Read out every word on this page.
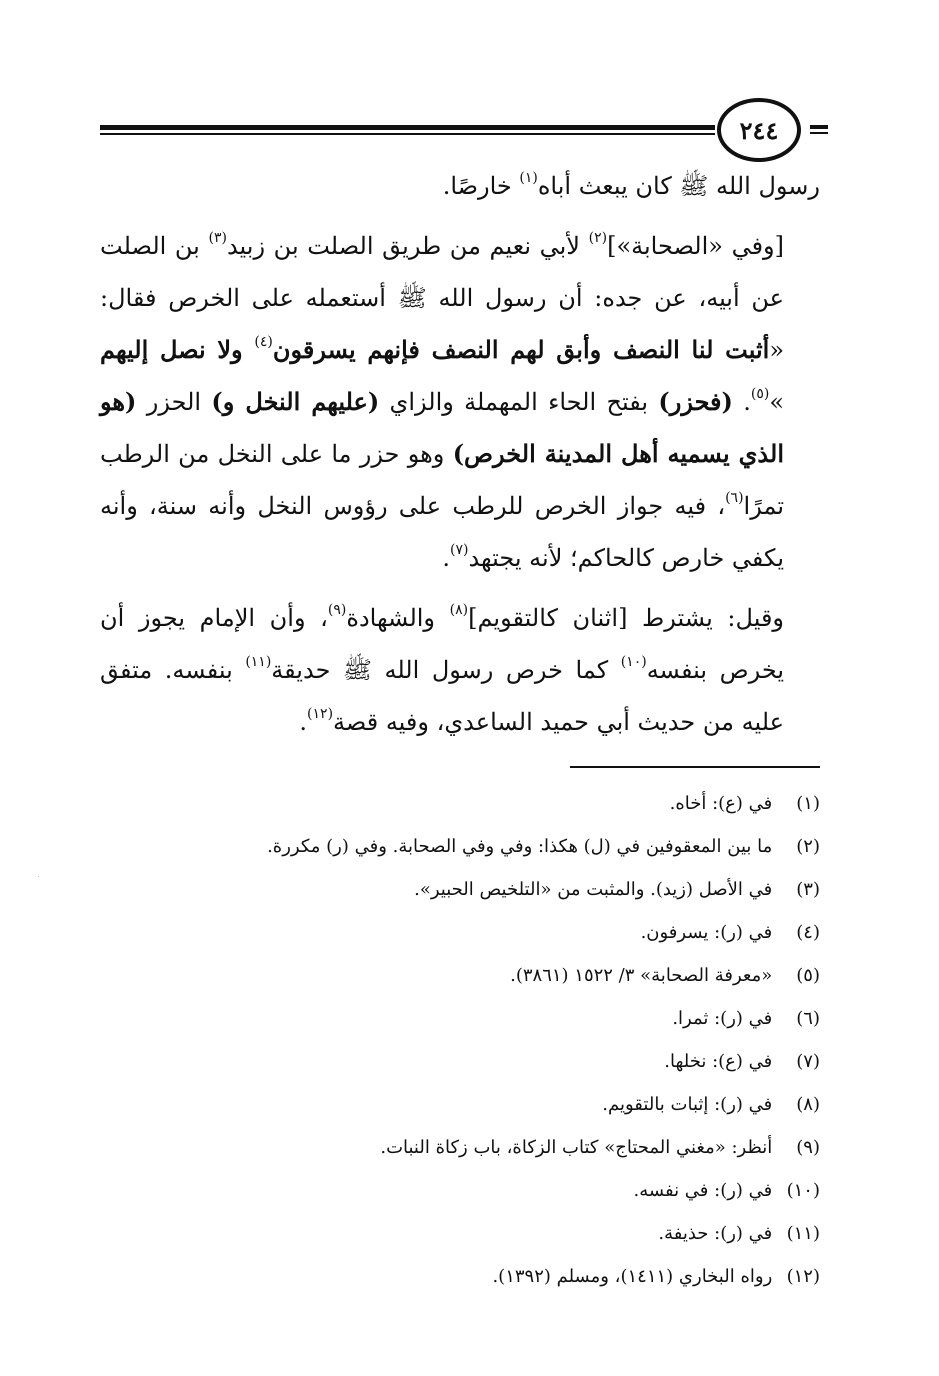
٢٤٤

رسول الله ﷺ كان يبعث أباه$^{(١)}$ خارصًا.

[وفي «الصحابة»]$^{(٢)}$ لأبي نعيم من طريق الصلت بن زبيد$^{(٣)}$ بن الصلت عن أبيه، عن جده: أن رسول الله ﷺ أستعمله على الخرص فقال: «أثبت لنا النصف وأبق لهم النصف فإنهم يسرقون$^{(٤)}$ ولا نصل إليهم »$^{(٥)}$. (فحزر) بفتح الحاء المهملة والزاي (عليهم النخل و) الحزر (هو الذي يسميه أهل المدينة الخرص) وهو حزر ما على النخل من الرطب تمرًا$^{(٦)}$، فيه جواز الخرص للرطب على رؤوس النخل وأنه سنة، وأنه يكفي خارص كالحاكم؛ لأنه يجتهد$^{(٧)}$.

وقيل: يشترط [اثنان كالتقويم]$^{(٨)}$ والشهادة$^{(٩)}$، وأن الإمام يجوز أن يخرص بنفسه$^{(١٠)}$ كما خرص رسول الله ﷺ حديقة$^{(١١)}$ بنفسه. متفق عليه من حديث أبي حميد الساعدي، وفيه قصة$^{(١٢)}$.

(١) في (ع): أخاه.
(٢) ما بين المعقوفين في (ل) هكذا: وفي وفي الصحابة. وفي (ر) مكررة.
(٣) في الأصل (زيد). والمثبت من «التلخيص الحبير».
(٤) في (ر): يسرفون.
(٥) «معرفة الصحابة» ٣/ ١٥٢٢ (٣٨٦١).
(٦) في (ر): ثمرا.
(٧) في (ع): نخلها.
(٨) في (ر): إثبات بالتقويم.
(٩) أنظر: «مغني المحتاج» كتاب الزكاة، باب زكاة النبات.
(١٠) في (ر): في نفسه.
(١١) في (ر): حذيفة.
(١٢) رواه البخاري (١٤١١)، ومسلم (١٣٩٢).
